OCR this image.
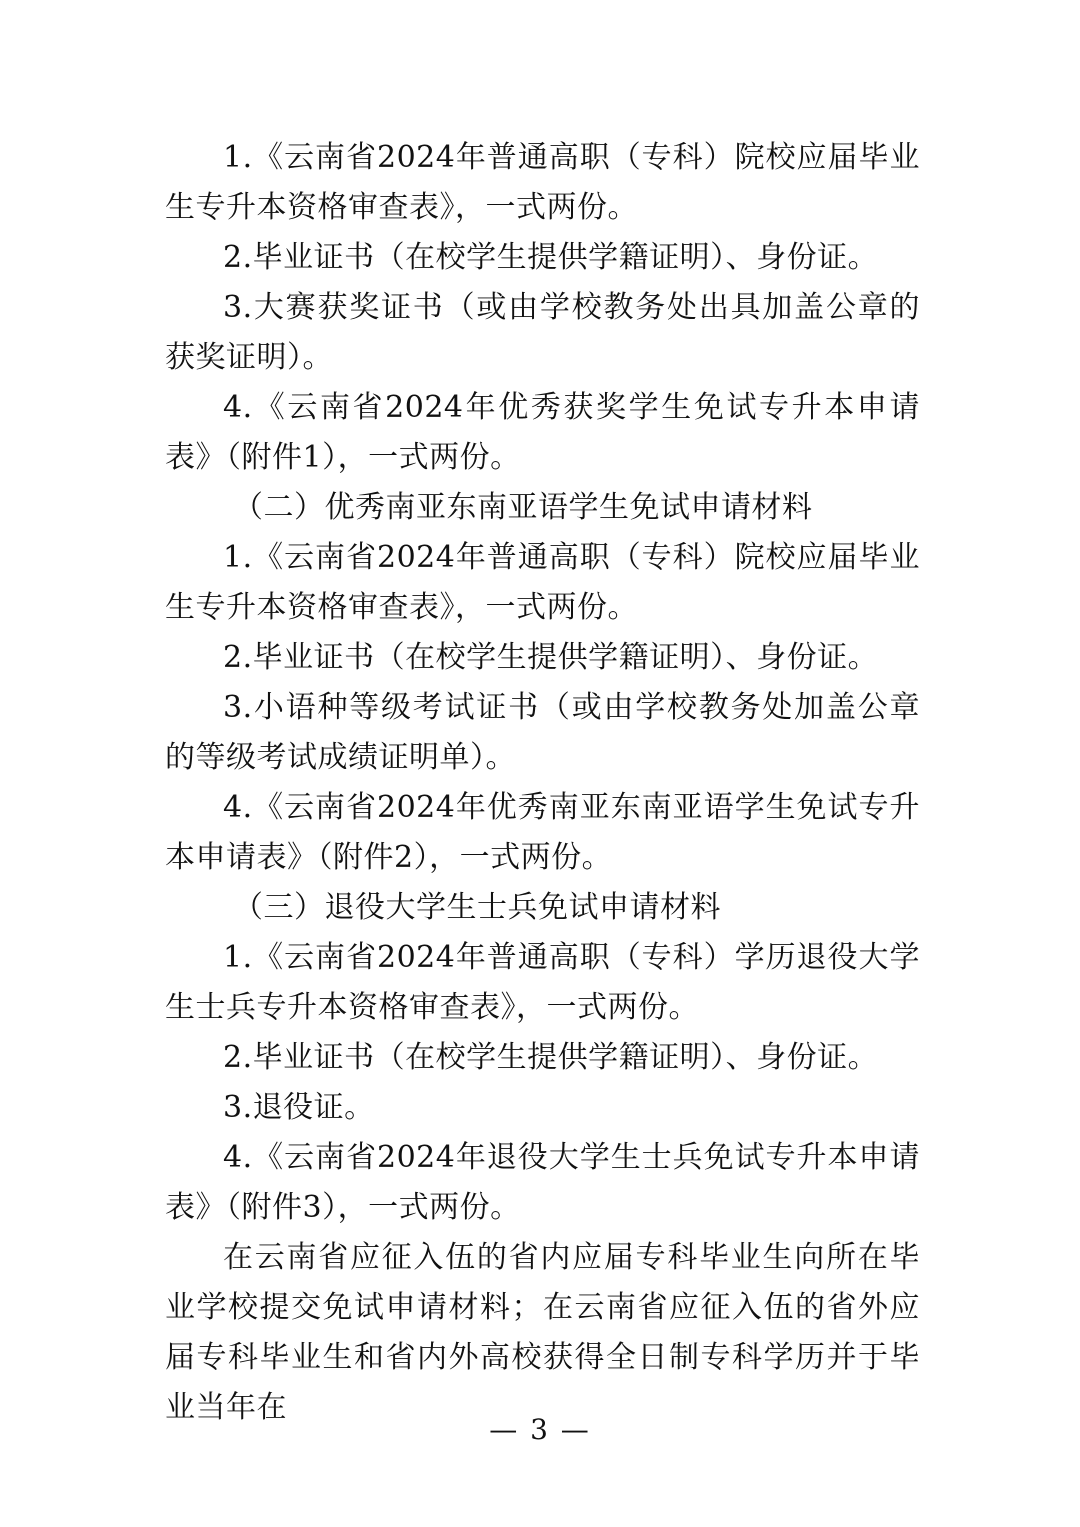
1.《云南省2024年普通高职（专科）院校应届毕业生专升本资格审查表》，一式两份。

2.毕业证书（在校学生提供学籍证明）、身份证。

3.大赛获奖证书（或由学校教务处出具加盖公章的获奖证明）。

4.《云南省2024年优秀获奖学生免试专升本申请表》（附件1），一式两份。

（二）优秀南亚东南亚语学生免试申请材料

1.《云南省2024年普通高职（专科）院校应届毕业生专升本资格审查表》，一式两份。

2.毕业证书（在校学生提供学籍证明）、身份证。

3.小语种等级考试证书（或由学校教务处加盖公章的等级考试成绩证明单）。

4.《云南省2024年优秀南亚东南亚语学生免试专升本申请表》（附件2），一式两份。

（三）退役大学生士兵免试申请材料

1.《云南省2024年普通高职（专科）学历退役大学生士兵专升本资格审查表》，一式两份。

2.毕业证书（在校学生提供学籍证明）、身份证。

3.退役证。

4.《云南省2024年退役大学生士兵免试专升本申请表》（附件3），一式两份。

在云南省应征入伍的省内应届专科毕业生向所在毕业学校提交免试申请材料；在云南省应征入伍的省外应届专科毕业生和省内外高校获得全日制专科学历并于毕业当年在

— 3 —
